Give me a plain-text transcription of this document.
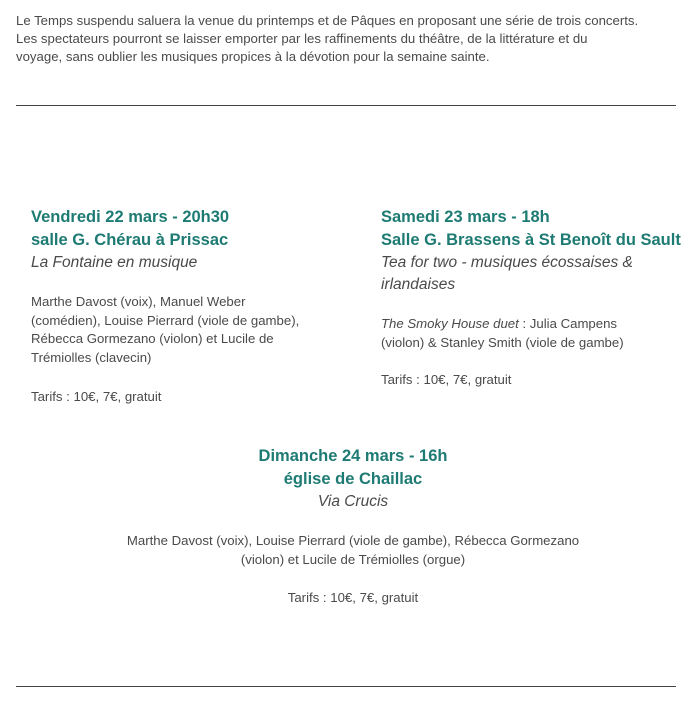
Le Temps suspendu saluera la venue du printemps et de Pâques en proposant une série de trois concerts.
Les spectateurs pourront se laisser emporter par les raffinements du théâtre, de la littérature et du
voyage, sans oublier les musiques propices à la dévotion pour la semaine sainte.

Vendredi 22 mars - 20h30

salle G. Chérau à Prissac

La Fontaine en musique

Marthe Davost (voix), Manuel Weber
(comédien), Louise Pierrard (viole de gambe),
Rébecca Gormezano (violon) et Lucile de
Trémiolles (clavecin)

Tarifs : 10€, 7€, gratuit

Samedi 23 mars - 18h

Salle G. Brassens à St Benoît du Sault

Tea for two - musiques écossaises &
irlandaises

The Smoky House duet : Julia Campens
(violon) & Stanley Smith (viole de gambe)

Tarifs : 10€, 7€, gratuit

Dimanche 24 mars - 16h

église de Chaillac

Via Crucis

Marthe Davost (voix), Louise Pierrard (viole de gambe), Rébecca Gormezano
(violon) et Lucile de Trémiolles (orgue)

Tarifs : 10€, 7€, gratuit
